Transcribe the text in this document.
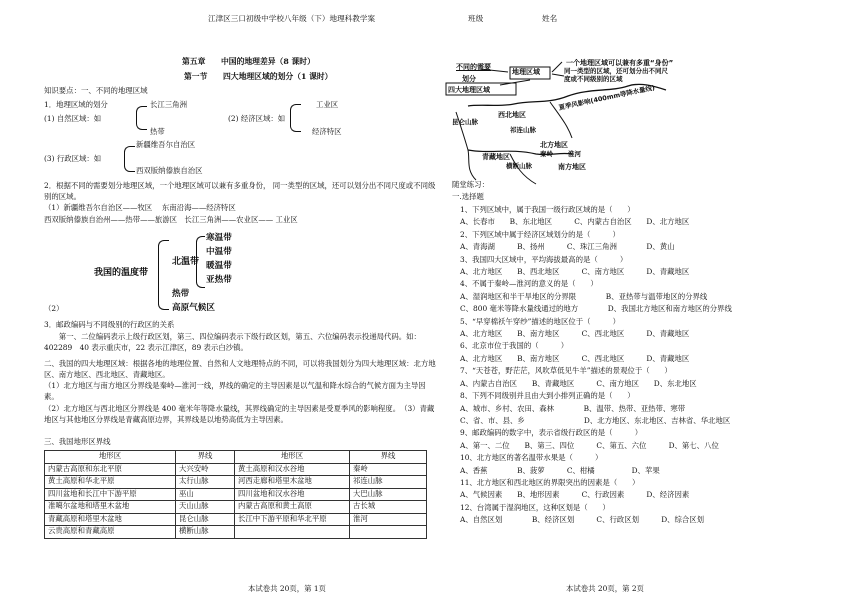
江津区三口初级中学校八年级（下）地理科教学案	班级	姓名
第五章　　中国的地理差异（8 课时）
第一节　　四大地理区域的划分（1 课时）
知识要点：一、不同的地理区域
1．地理区域的划分	长江三角洲
(1) 自然区域：如
热带
(2) 经济区域：如
工业区
经济特区
(3) 行政区域：如
新疆维吾尔自治区
西双版纳傣族自治区
2．根据不同的需要划分地理区域，一个地理区域可以兼有多重身份， 同一类型的区域，还可以划分出不同尺度或不同级别的区域。
（1）新疆维吾尔自治区——牧区　 东南沿海——经济特区
西双版纳傣族自治州——热带——旅游区　长江三角洲——农业区—— 工业区
我国的温度带
北温带
寒温带
中温带
暖温带
亚热带
热带
高原气候区
（2）
3．邮政编码与不同级别的行政区的关系
第一、二位编码表示上级行政区划，第三、四位编码表示下级行政区划，第五、六位编码表示投递局代码。如：402289　40 表示重庆市，22 表示江津区，89 表示白沙镇。
二、我国的四大地理区域：根据各地的地理位置、自然和人文地理特点的不同，可以将我国划分为四大地理区域：北方地区、南方地区、西北地区、青藏地区。
（1）北方地区与南方地区分界线是秦岭—淮河一线，界线的确定的主导因素是以气温和降水综合的气候方面为主导因素。
（2）北方地区与西北地区分界线是 400 毫米年等降水量线，其界线确定的主导因素是受夏季风的影响程度。　（3）青藏地区与其他地区分界线是青藏高原边界，其界线是以地势高低为主导因素。
三、我国地形区界线
地形区	界线	地形区	界线
内蒙古高原和东北平原	大兴安岭	黄土高原和汉水谷地	秦岭
黄土高原和华北平原	太行山脉	河西走廊和塔里木盆地	祁连山脉
四川盆地和长江中下游平原	巫山	四川盆地和汉水谷地	大巴山脉
准噶尔盆地和塔里木盆地	天山山脉	内蒙古高原和黄土高原	古长城
青藏高原和塔里木盆地	昆仑山脉	长江中下游平原和华北平原	淮河
云贵高原和青藏高原	横断山脉		
不同的需要
划分
地理区域
一个地理区域可以兼有多重“身份”
同一类型的区域，还可划分出不同尺度或不同级别的区域
四大地理区域
西北地区
昆仑山脉
祁连山脉
夏季风影响(400mm等降水量线)
北方地区
青藏地区	秦岭 淮河
横断山脉	南方地区
随堂练习：
一.选择题
1、下列区域中，属于我国一级行政区域的是（　　）
A、长春市　　B、东北地区　　　C、内蒙古自治区　　D、北方地区
2、下列区域中属于经济区域划分的是（　　　）
A、青海湖　　　B、扬州　　　C、珠江三角洲　　　　D、黄山
3、我国四大区域中，平均海拔最高的是（　　　）
A、北方地区　　B、西北地区　　　C、南方地区　　　D、青藏地区
4、不属于秦岭—淮河的意义的是（　　）
A、湿润地区和半干旱地区的分界限　　　　B、亚热带与温带地区的分界线
C、800 毫米等降水量线通过的地方　　　　D、我国北方地区和南方地区的分界线
5、“早穿棉袄午穿纱”描述的地区位于（　　　）
A、北方地区　　B、南方地区　　　C、西北地区　　　D、青藏地区
6、北京市位于我国的（　　　）
A、北方地区　　B、南方地区　　　C、西北地区　　　D、青藏地区
7、“天苍苍，野茫茫，风吹草低见牛羊”描述的景观位于（　　）
A、内蒙古自治区　　B、青藏地区　　　C、南方地区　　D、东北地区
8、下列不同级别并且由大到小排列正确的是（　　）
A、城市、乡村、农田、森林　　　　B、温带、热带、亚热带、寒带
C、省、市、县、乡　　　　　　　　D、北方地区、东北地区、吉林省、华北地区
9、邮政编码的数字中，表示省级行政区的是（　　　）
A、第一、二位　　B、第三、四位　　　C、第五、六位　　　D、第七、八位
10、北方地区的著名温带水果是（　　　）
A、香蕉　　　　B、菠萝　　　C、柑橘　　　　　D、苹果
11、北方地区和西北地区的界限突出的因素是（　　）
A、气候因素　　B、地形因素　　　C、行政因素　　　D、经济因素
12、台湾属于湿润地区，这种区划是（　　）
A、自然区划　　　　B、经济区划　　　C、行政区划　　　D、综合区划
本试卷共 20页，第 1页	本试卷共 20页，第 2页
